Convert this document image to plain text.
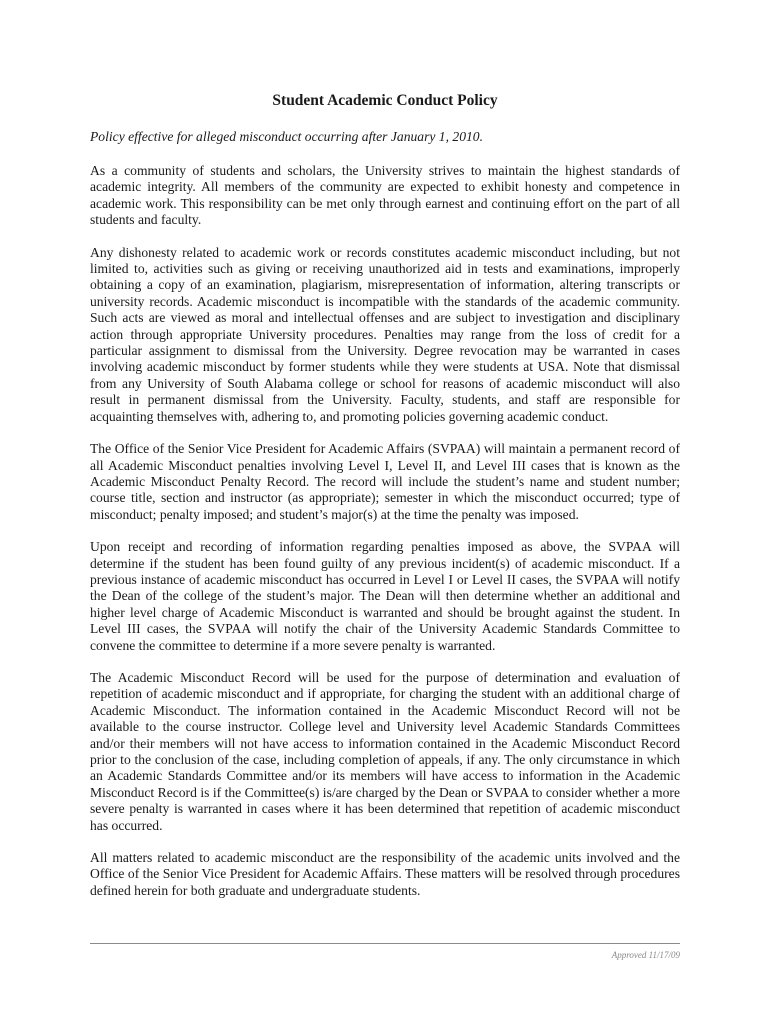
Student Academic Conduct Policy

Policy effective for alleged misconduct occurring after January 1, 2010.

As a community of students and scholars, the University strives to maintain the highest standards of academic integrity. All members of the community are expected to exhibit honesty and competence in academic work. This responsibility can be met only through earnest and continuing effort on the part of all students and faculty.

Any dishonesty related to academic work or records constitutes academic misconduct including, but not limited to, activities such as giving or receiving unauthorized aid in tests and examinations, improperly obtaining a copy of an examination, plagiarism, misrepresentation of information, altering transcripts or university records. Academic misconduct is incompatible with the standards of the academic community. Such acts are viewed as moral and intellectual offenses and are subject to investigation and disciplinary action through appropriate University procedures. Penalties may range from the loss of credit for a particular assignment to dismissal from the University. Degree revocation may be warranted in cases involving academic misconduct by former students while they were students at USA. Note that dismissal from any University of South Alabama college or school for reasons of academic misconduct will also result in permanent dismissal from the University. Faculty, students, and staff are responsible for acquainting themselves with, adhering to, and promoting policies governing academic conduct.

The Office of the Senior Vice President for Academic Affairs (SVPAA) will maintain a permanent record of all Academic Misconduct penalties involving Level I, Level II, and Level III cases that is known as the Academic Misconduct Penalty Record. The record will include the student’s name and student number; course title, section and instructor (as appropriate); semester in which the misconduct occurred; type of misconduct; penalty imposed; and student’s major(s) at the time the penalty was imposed.

Upon receipt and recording of information regarding penalties imposed as above, the SVPAA will determine if the student has been found guilty of any previous incident(s) of academic misconduct. If a previous instance of academic misconduct has occurred in Level I or Level II cases, the SVPAA will notify the Dean of the college of the student’s major. The Dean will then determine whether an additional and higher level charge of Academic Misconduct is warranted and should be brought against the student. In Level III cases, the SVPAA will notify the chair of the University Academic Standards Committee to convene the committee to determine if a more severe penalty is warranted.

The Academic Misconduct Record will be used for the purpose of determination and evaluation of repetition of academic misconduct and if appropriate, for charging the student with an additional charge of Academic Misconduct. The information contained in the Academic Misconduct Record will not be available to the course instructor. College level and University level Academic Standards Committees and/or their members will not have access to information contained in the Academic Misconduct Record prior to the conclusion of the case, including completion of appeals, if any. The only circumstance in which an Academic Standards Committee and/or its members will have access to information in the Academic Misconduct Record is if the Committee(s) is/are charged by the Dean or SVPAA to consider whether a more severe penalty is warranted in cases where it has been determined that repetition of academic misconduct has occurred.

All matters related to academic misconduct are the responsibility of the academic units involved and the Office of the Senior Vice President for Academic Affairs. These matters will be resolved through procedures defined herein for both graduate and undergraduate students.

Approved 11/17/09
